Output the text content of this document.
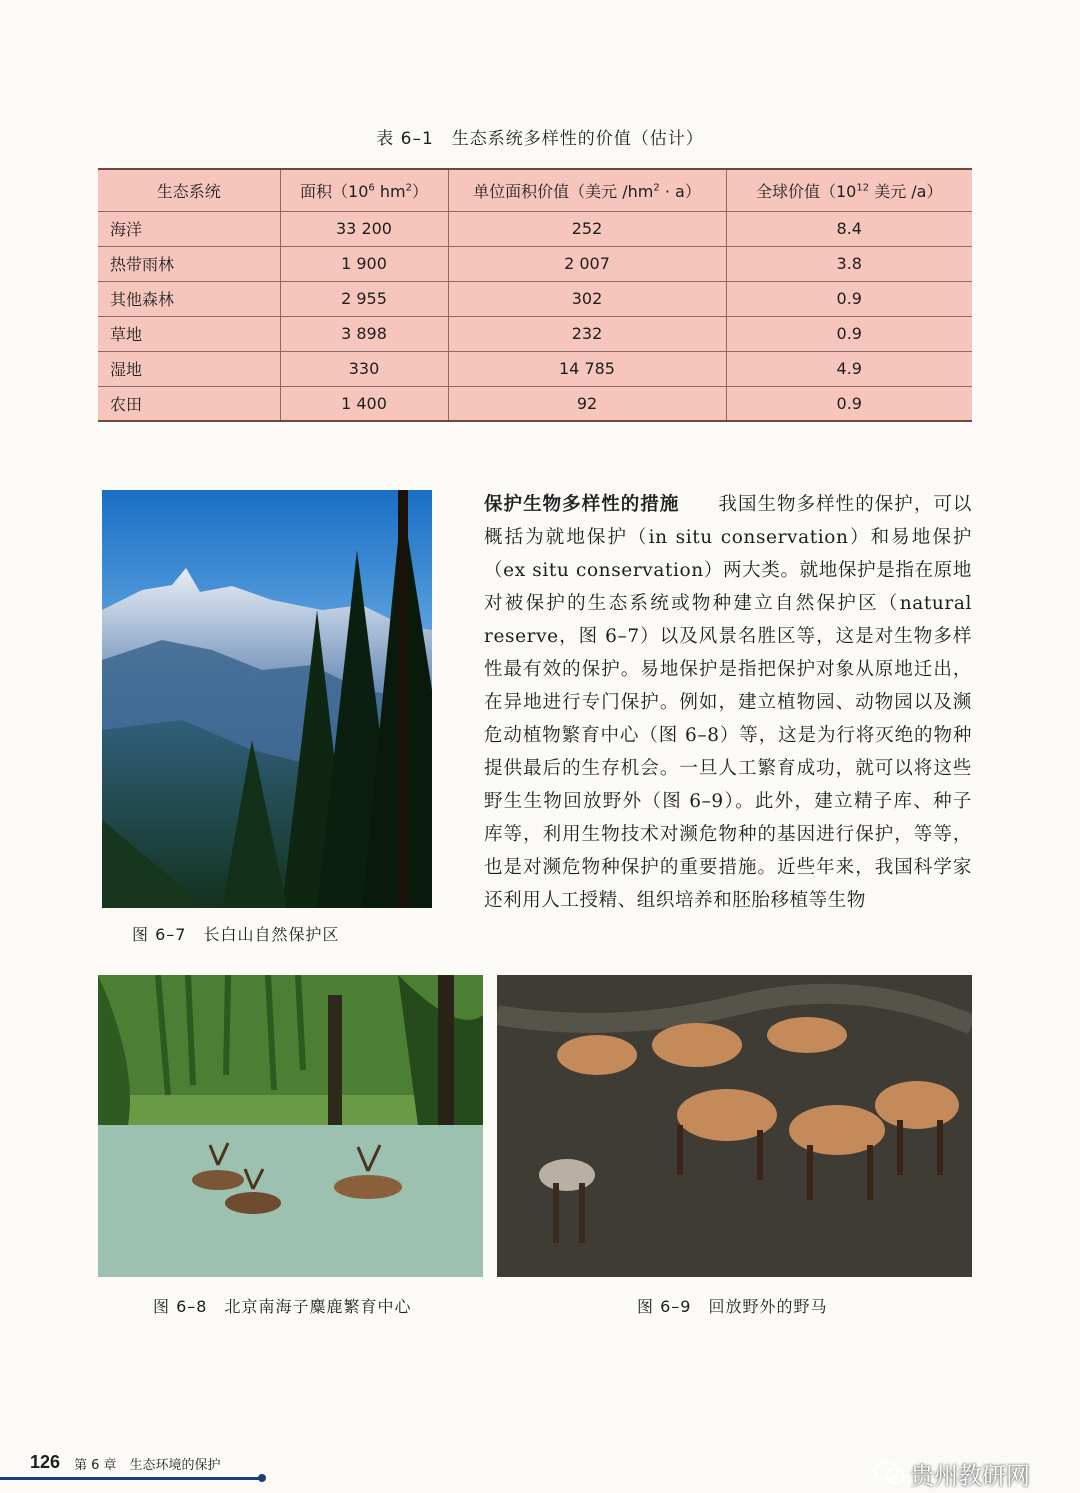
表 6–1　生态系统多样性的价值（估计）
生态系统	面积（$10^6$ $hm^2$）	单位面积价值（美元 $/hm^2 \cdot a$）	全球价值（$10^{12}$ 美元 /a）
海洋	33 200	252	8.4
热带雨林	1 900	2 007	3.8
其他森林	2 955	302	0.9
草地	3 898	232	0.9
湿地	330	14 785	4.9
农田	1 400	92	0.9
图 6–7　长白山自然保护区
保护生物多样性的措施　　 我国生物多样性的保护，可以概括为就地保护（in situ conservation）和易地保护（ex situ conservation）两大类。就地保护是指在原地对被保护的生态系统或物种建立自然保护区（natural reserve，图 6–7）以及风景名胜区等，这是对生物多样性最有效的保护。易地保护是指把保护对象从原地迁出，在异地进行专门保护。例如，建立植物园、动物园以及濒危动植物繁育中心（图 6–8）等，这是为行将灭绝的物种提供最后的生存机会。一旦人工繁育成功，就可以将这些野生生物回放野外（图 6–9）。此外，建立精子库、种子库等，利用生物技术对濒危物种的基因进行保护，等等，也是对濒危物种保护的重要措施。近些年来，我国科学家还利用人工授精、组织培养和胚胎移植等生物
图 6–8　北京南海子麋鹿繁育中心	图 6–9　回放野外的野马
126 第 6 章　生态环境的保护	贵州教研网
